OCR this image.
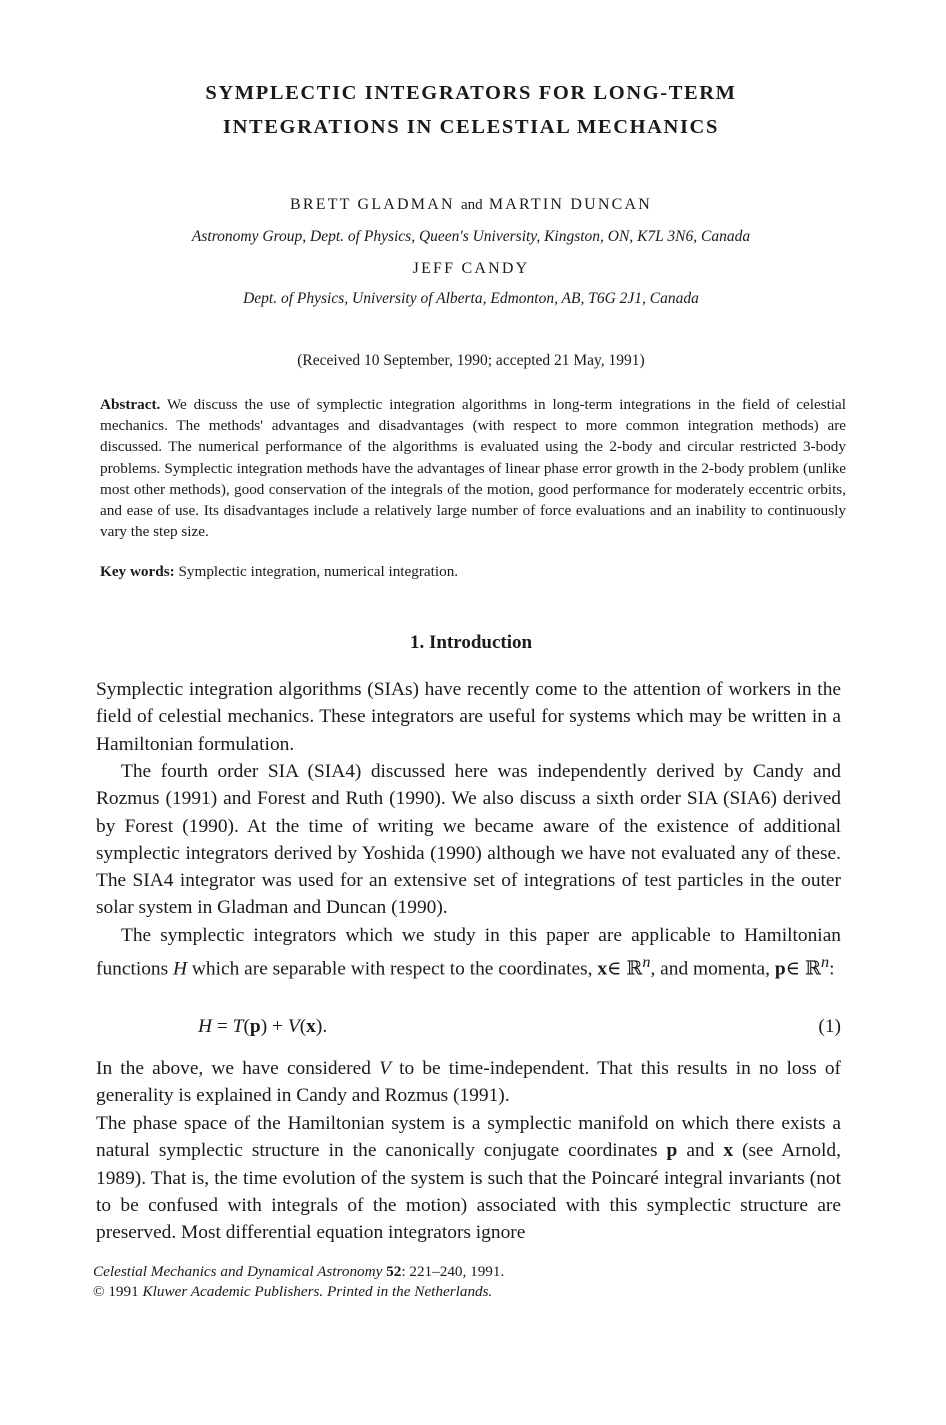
SYMPLECTIC INTEGRATORS FOR LONG-TERM
INTEGRATIONS IN CELESTIAL MECHANICS
BRETT GLADMAN and MARTIN DUNCAN
Astronomy Group, Dept. of Physics, Queen's University, Kingston, ON, K7L 3N6, Canada
JEFF CANDY
Dept. of Physics, University of Alberta, Edmonton, AB, T6G 2J1, Canada
(Received 10 September, 1990; accepted 21 May, 1991)

Abstract. We discuss the use of symplectic integration algorithms in long-term integrations in the field of celestial mechanics. The methods' advantages and disadvantages (with respect to more common integration methods) are discussed. The numerical performance of the algorithms is evaluated using the 2-body and circular restricted 3-body problems. Symplectic integration methods have the advantages of linear phase error growth in the 2-body problem (unlike most other methods), good conservation of the integrals of the motion, good performance for moderately eccentric orbits, and ease of use. Its disadvantages include a relatively large number of force evaluations and an inability to continuously vary the step size.

Key words: Symplectic integration, numerical integration.
1. Introduction

Symplectic integration algorithms (SIAs) have recently come to the attention of workers in the field of celestial mechanics. These integrators are useful for systems which may be written in a Hamiltonian formulation.

The fourth order SIA (SIA4) discussed here was independently derived by Candy and Rozmus (1991) and Forest and Ruth (1990). We also discuss a sixth order SIA (SIA6) derived by Forest (1990). At the time of writing we became aware of the existence of additional symplectic integrators derived by Yoshida (1990) although we have not evaluated any of these. The SIA4 integrator was used for an extensive set of integrations of test particles in the outer solar system in Gladman and Duncan (1990).

The symplectic integrators which we study in this paper are applicable to Hamiltonian functions H which are separable with respect to the coordinates, x∈ ℝ$^n$, and momenta, p∈ ℝ$^n$:

H = T(p) + V(x).	(1)

In the above, we have considered V to be time-independent. That this results in no loss of generality is explained in Candy and Rozmus (1991).

The phase space of the Hamiltonian system is a symplectic manifold on which there exists a natural symplectic structure in the canonically conjugate coordinates p and x (see Arnold, 1989). That is, the time evolution of the system is such that the Poincaré integral invariants (not to be confused with integrals of the motion) associated with this symplectic structure are preserved. Most differential equation integrators ignore

Celestial Mechanics and Dynamical Astronomy 52: 221–240, 1991.
© 1991 Kluwer Academic Publishers. Printed in the Netherlands.
